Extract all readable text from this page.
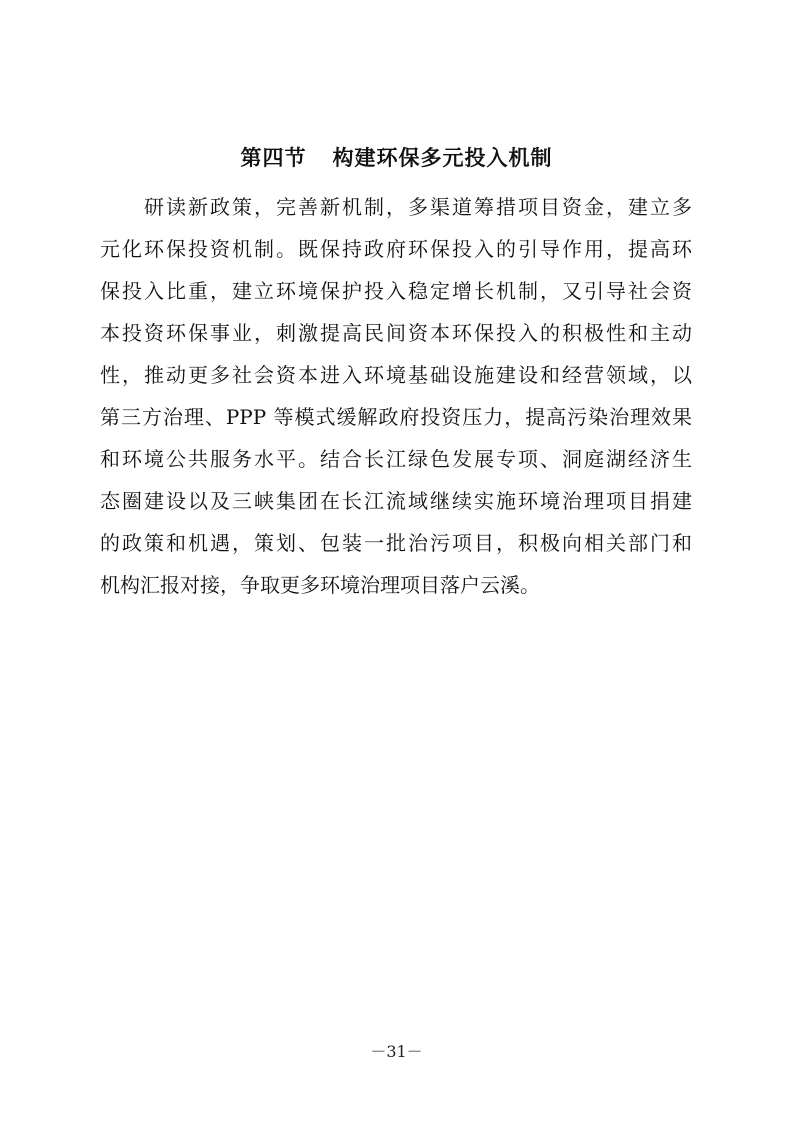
第四节 构建环保多元投入机制
研读新政策，完善新机制，多渠道筹措项目资金，建立多
元化环保投资机制。既保持政府环保投入的引导作用，提高环
保投入比重，建立环境保护投入稳定增长机制，又引导社会资
本投资环保事业，刺激提高民间资本环保投入的积极性和主动
性，推动更多社会资本进入环境基础设施建设和经营领域，以
第三方治理、PPP 等模式缓解政府投资压力，提高污染治理效果
和环境公共服务水平。结合长江绿色发展专项、洞庭湖经济生
态圈建设以及三峡集团在长江流域继续实施环境治理项目捐建
的政策和机遇，策划、包装一批治污项目，积极向相关部门和
机构汇报对接，争取更多环境治理项目落户云溪。
－31－
